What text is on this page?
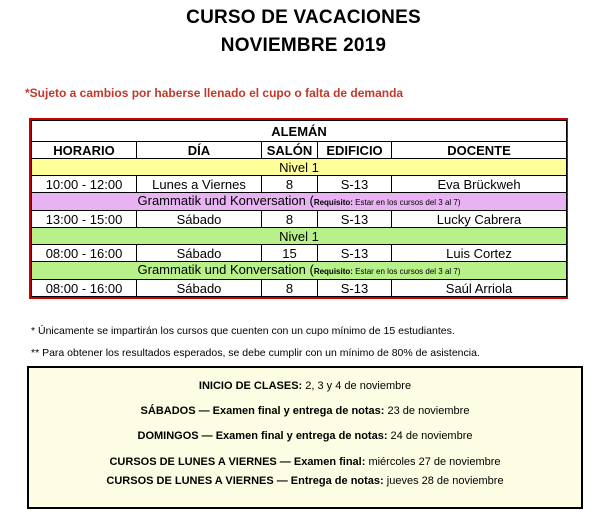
CURSO DE VACACIONES
NOVIEMBRE 2019
*Sujeto a cambios por haberse llenado el cupo o falta de demanda
ALEMÁN				
HORARIO	DÍA	SALÓN	EDIFICIO	DOCENTE
Nivel 1				
10:00 - 12:00	Lunes a Viernes	8	S-13	Eva Brückweh
Grammatik und Konversation (Requisito: Estar en los cursos del 3 al 7)				
13:00 - 15:00	Sábado	8	S-13	Lucky Cabrera
Nivel 1				
08:00 - 16:00	Sábado	15	S-13	Luis Cortez
Grammatik und Konversation (Requisito: Estar en los cursos del 3 al 7)				
08:00 - 16:00	Sábado	8	S-13	Saúl Arriola
* Únicamente se impartirán los cursos que cuenten con un cupo mínimo de 15 estudiantes.
** Para obtener los resultados esperados, se debe cumplir con un mínimo de 80% de asistencia.
INICIO DE CLASES: 2, 3 y 4 de noviembre
SÁBADOS — Examen final y entrega de notas: 23 de noviembre
DOMINGOS — Examen final y entrega de notas: 24 de noviembre
CURSOS DE LUNES A VIERNES — Examen final: miércoles 27 de noviembre
CURSOS DE LUNES A VIERNES — Entrega de notas: jueves 28 de noviembre
